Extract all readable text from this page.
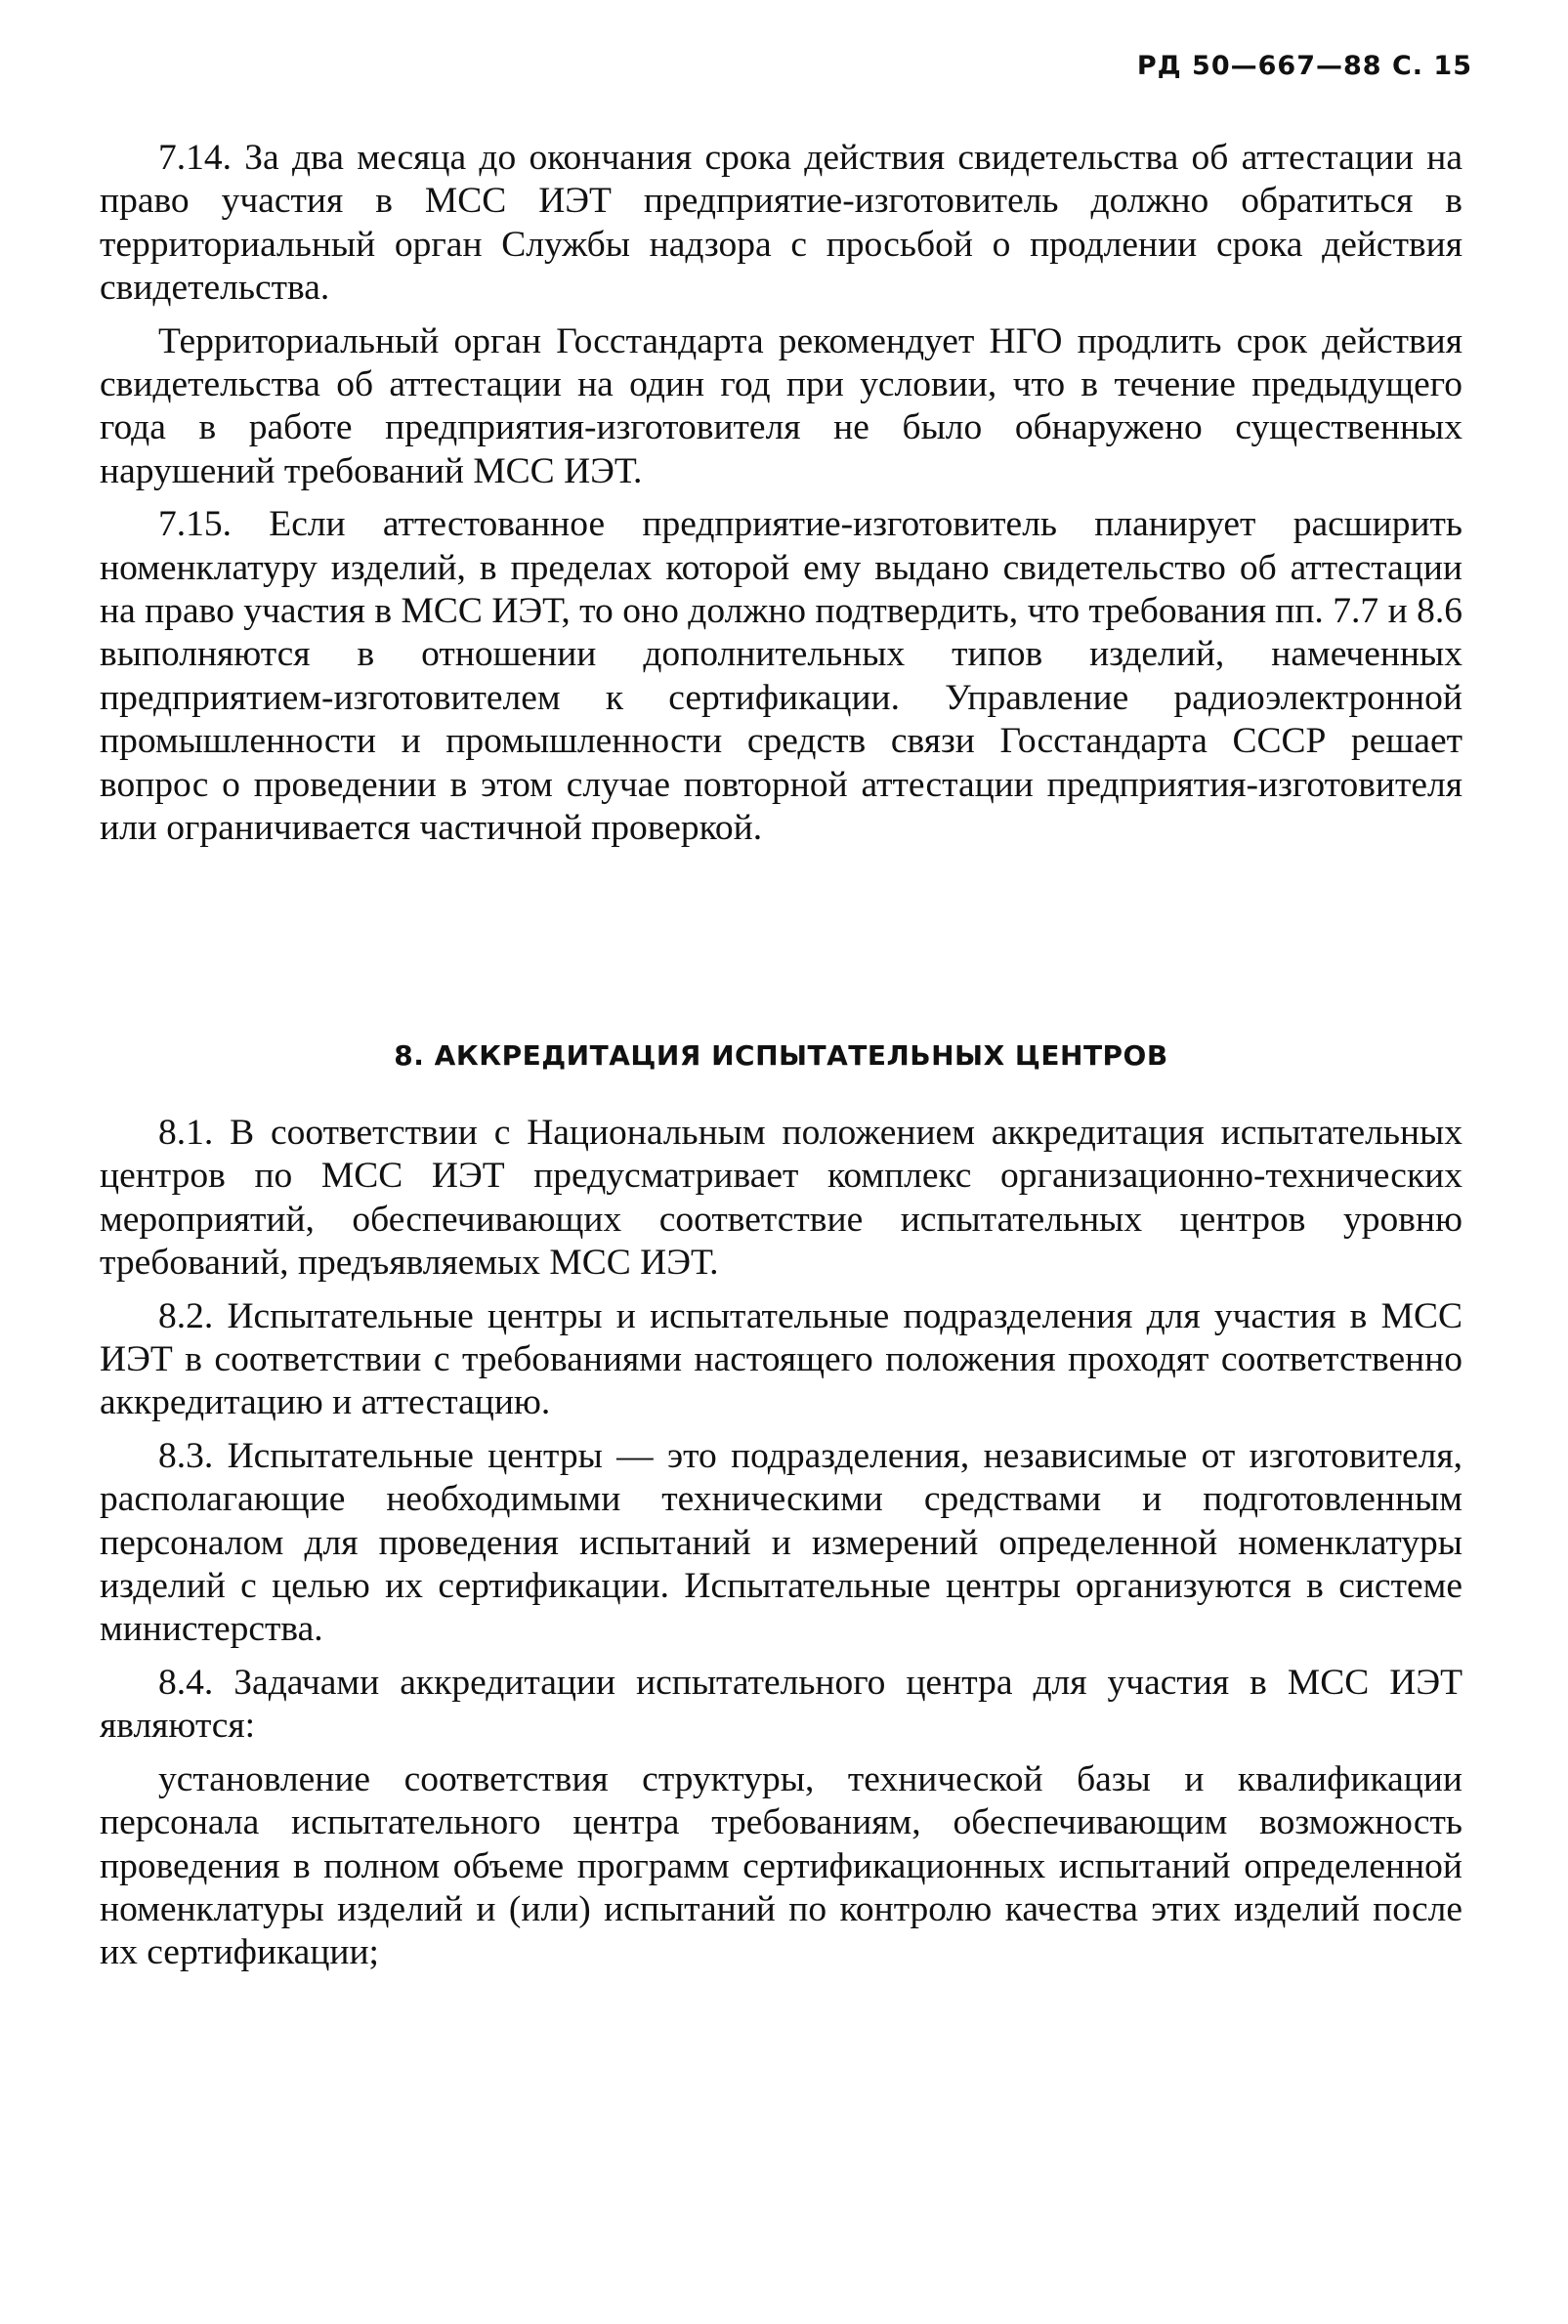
РД 50—667—88 С. 15

7.14. За два месяца до окончания срока действия свидетельства об аттестации на право участия в МСС ИЭТ предприятие-изготовитель должно обратиться в территориальный орган Службы надзора с просьбой о продлении срока действия свидетельства.

Территориальный орган Госстандарта рекомендует НГО продлить срок действия свидетельства об аттестации на один год при условии, что в течение предыдущего года в работе предприятия-изготовителя не было обнаружено существенных нарушений требований МСС ИЭТ.

7.15. Если аттестованное предприятие-изготовитель планирует расширить номенклатуру изделий, в пределах которой ему выдано свидетельство об аттестации на право участия в МСС ИЭТ, то оно должно подтвердить, что требования пп. 7.7 и 8.6 выполняются в отношении дополнительных типов изделий, намеченных предприятием-изготовителем к сертификации. Управление радиоэлектронной промышленности и промышленности средств связи Госстандарта СССР решает вопрос о проведении в этом случае повторной аттестации предприятия-изготовителя или ограничивается частичной проверкой.

8. АККРЕДИТАЦИЯ ИСПЫТАТЕЛЬНЫХ ЦЕНТРОВ

8.1. В соответствии с Национальным положением аккредитация испытательных центров по МСС ИЭТ предусматривает комплекс организационно-технических мероприятий, обеспечивающих соответствие испытательных центров уровню требований, предъявляемых МСС ИЭТ.

8.2. Испытательные центры и испытательные подразделения для участия в МСС ИЭТ в соответствии с требованиями настоящего положения проходят соответственно аккредитацию и аттестацию.

8.3. Испытательные центры — это подразделения, независимые от изготовителя, располагающие необходимыми техническими средствами и подготовленным персоналом для проведения испытаний и измерений определенной номенклатуры изделий с целью их сертификации. Испытательные центры организуются в системе министерства.

8.4. Задачами аккредитации испытательного центра для участия в МСС ИЭТ являются:

установление соответствия структуры, технической базы и квалификации персонала испытательного центра требованиям, обеспечивающим возможность проведения в полном объеме программ сертификационных испытаний определенной номенклатуры изделий и (или) испытаний по контролю качества этих изделий после их сертификации;
